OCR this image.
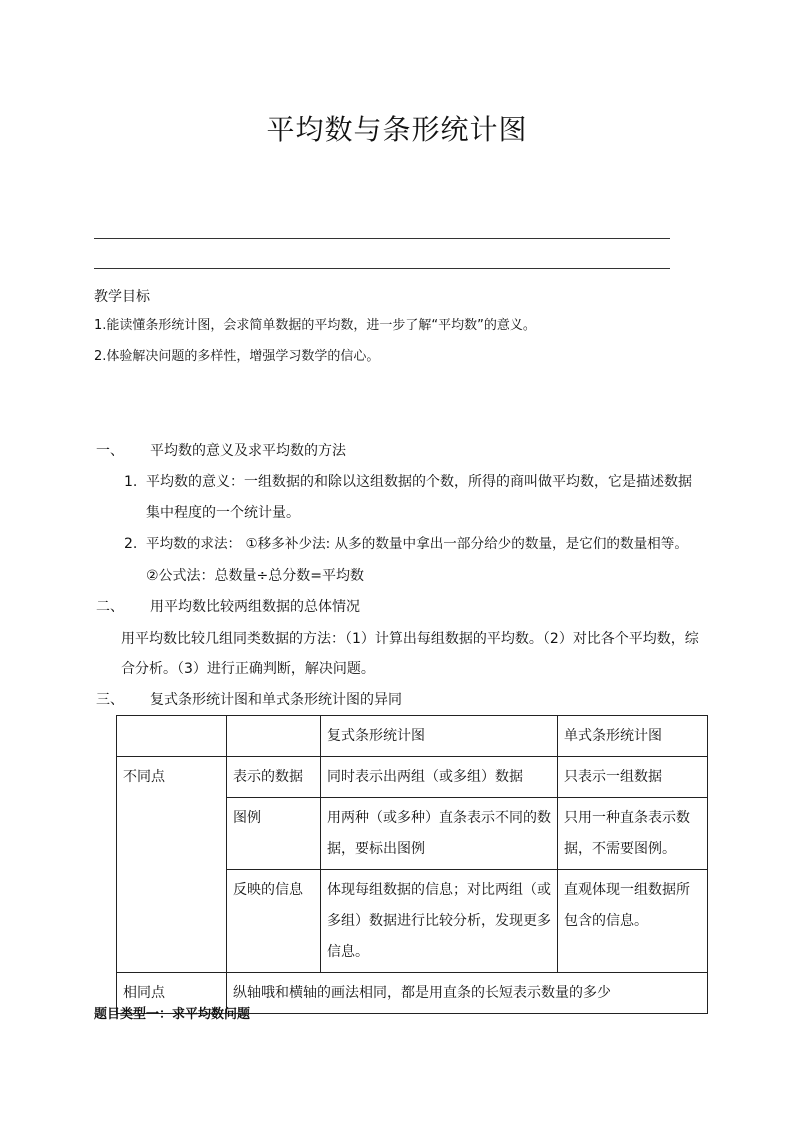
平均数与条形统计图
教学目标
1.能读懂条形统计图，会求简单数据的平均数，进一步了解“平均数”的意义。
2.体验解决问题的多样性，增强学习数学的信心。
一、 平均数的意义及求平均数的方法
1. 平均数的意义：一组数据的和除以这组数据的个数，所得的商叫做平均数，它是描述数据
集中程度的一个统计量。
2. 平均数的求法： ①移多补少法: 从多的数量中拿出一部分给少的数量，是它们的数量相等。
②公式法：总数量÷总分数=平均数
二、 用平均数比较两组数据的总体情况
用平均数比较几组同类数据的方法：（1）计算出每组数据的平均数。（2）对比各个平均数，综
合分析。（3）进行正确判断，解决问题。
三、 复式条形统计图和单式条形统计图的异同
		复式条形统计图	单式条形统计图
不同点	表示的数据	同时表示出两组（或多组）数据	只表示一组数据
	图例	用两种（或多种）直条表示不同的数据，要标出图例	只用一种直条表示数据，不需要图例。
	反映的信息	体现每组数据的信息；对比两组（或多组）数据进行比较分析，发现更多信息。	直观体现一组数据所包含的信息。
相同点	纵轴哦和横轴的画法相同，都是用直条的长短表示数量的多少		
题目类型一：求平均数问题
